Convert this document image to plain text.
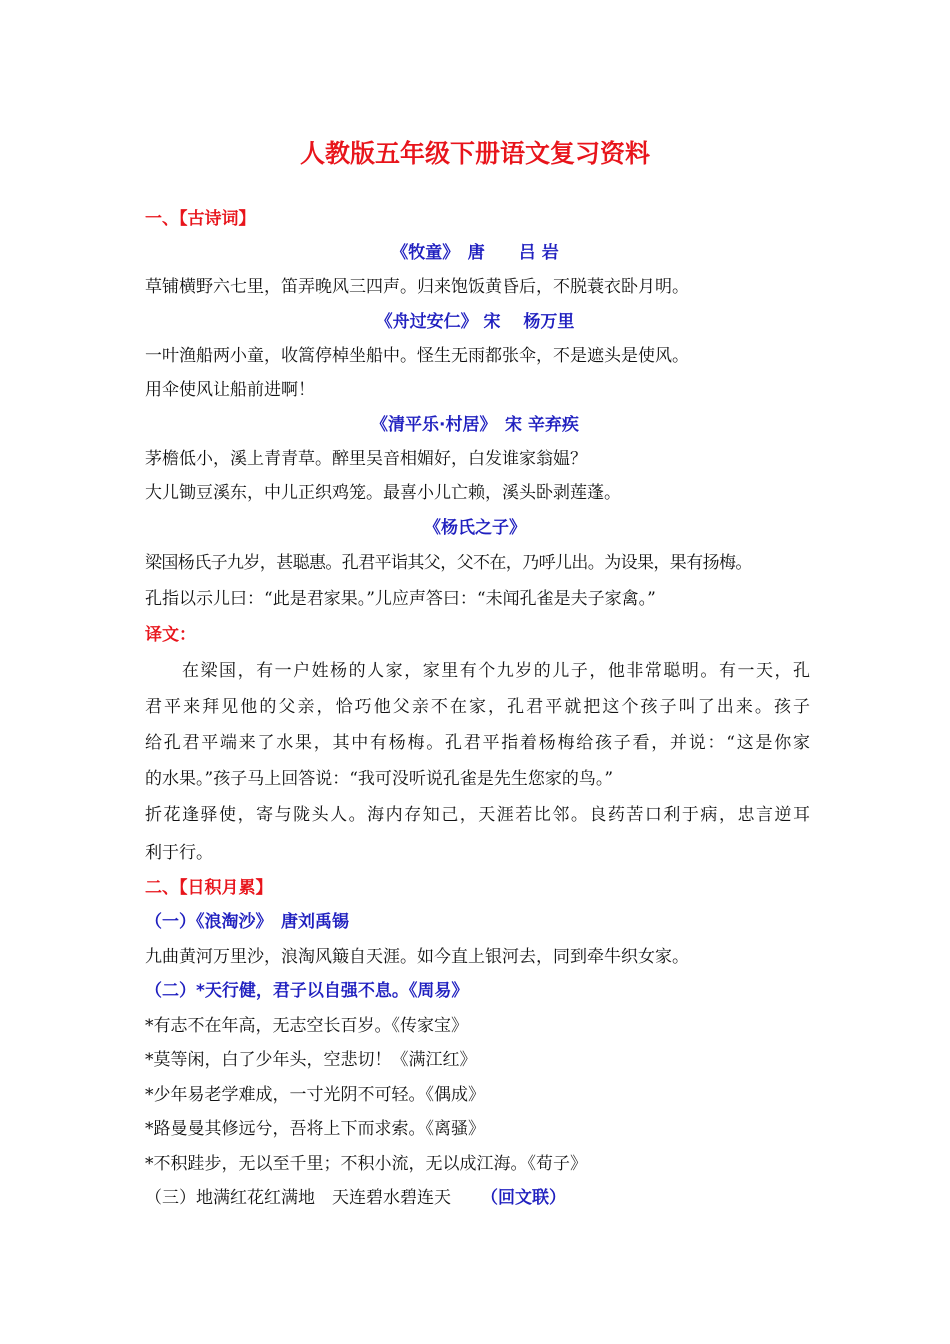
人教版五年级下册语文复习资料
一、【古诗词】
《牧童》　唐　　吕 岩
草铺横野六七里，笛弄晚风三四声。归来饱饭黄昏后，不脱蓑衣卧月明。
《舟过安仁》 宋　 杨万里
一叶渔船两小童，收篙停棹坐船中。怪生无雨都张伞，不是遮头是使风。
用伞使风让船前进啊！
《清平乐·村居》　宋 辛弃疾
茅檐低小，溪上青青草。醉里吴音相媚好，白发谁家翁媪？
大儿锄豆溪东，中儿正织鸡笼。最喜小儿亡赖，溪头卧剥莲蓬。
《杨氏之子》
梁国杨氏子九岁，甚聪惠。孔君平诣其父，父不在，乃呼儿出。为设果，果有扬梅。
孔指以示儿曰：“此是君家果。”儿应声答曰：“未闻孔雀是夫子家禽。”
译文：
　　在梁国，有一户姓杨的人家，家里有个九岁的儿子，他非常聪明。有一天，孔
君平来拜见他的父亲，恰巧他父亲不在家，孔君平就把这个孩子叫了出来。孩子
给孔君平端来了水果，其中有杨梅。孔君平指着杨梅给孩子看，并说：“这是你家
的水果。”孩子马上回答说：“我可没听说孔雀是先生您家的鸟。”
折花逢驿使，寄与陇头人。海内存知己，天涯若比邻。良药苦口利于病，忠言逆耳
利于行。
二、【日积月累】
（一）《浪淘沙》　唐刘禹锡
九曲黄河万里沙，浪淘风簸自天涯。如今直上银河去，同到牵牛织女家。
（二）*天行健，君子以自强不息。《周易》
*有志不在年高，无志空长百岁。《传家宝》
*莫等闲，白了少年头，空悲切！《满江红》
*少年易老学难成，一寸光阴不可轻。《偶成》
*路曼曼其修远兮，吾将上下而求索。《离骚》
*不积跬步，无以至千里；不积小流，无以成江海。《荀子》
（三）地满红花红满地　天连碧水碧连天 （回文联）
